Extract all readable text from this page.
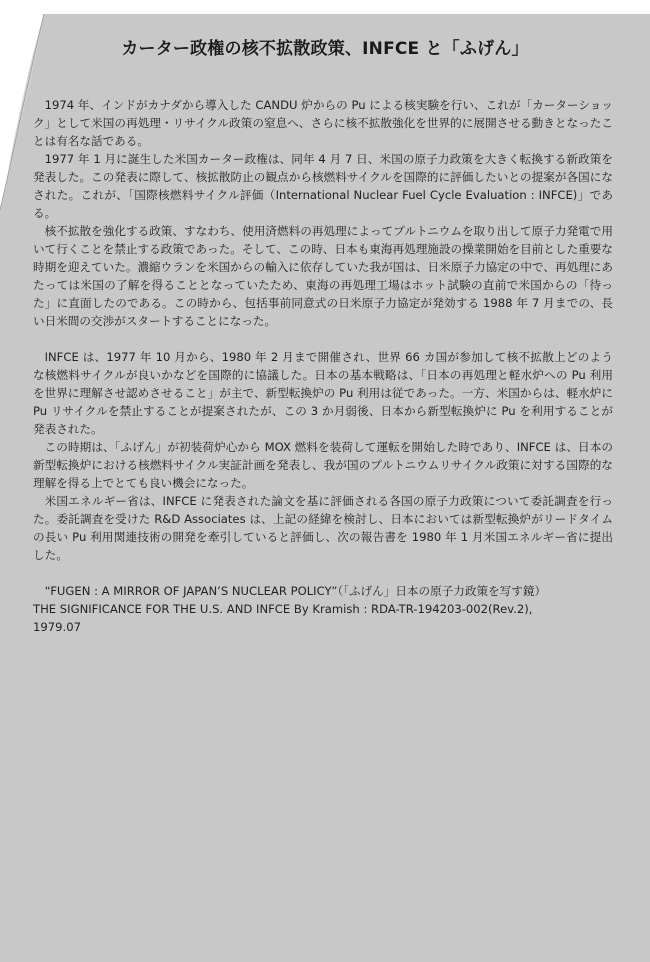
カーター政権の核不拡散政策、INFCE と「ふげん」

1974 年、インドがカナダから導入した CANDU 炉からの Pu による核実験を行い、これが「カーターショック」として米国の再処理・リサイクル政策の窒息へ、さらに核不拡散強化を世界的に展開させる動きとなったことは有名な話である。

1977 年 1 月に誕生した米国カーター政権は、同年 4 月 7 日、米国の原子力政策を大きく転換する新政策を発表した。この発表に際して、核拡散防止の観点から核燃料サイクルを国際的に評価したいとの提案が各国になされた。これが、「国際核燃料サイクル評価（International Nuclear Fuel Cycle Evaluation : INFCE)」である。

核不拡散を強化する政策、すなわち、使用済燃料の再処理によってプルトニウムを取り出して原子力発電で用いて行くことを禁止する政策であった。そして、この時、日本も東海再処理施設の操業開始を目前とした重要な時期を迎えていた。濃縮ウランを米国からの輸入に依存していた我が国は、日米原子力協定の中で、再処理にあたっては米国の了解を得ることとなっていたため、東海の再処理工場はホット試験の直前で米国からの「待った」に直面したのである。この時から、包括事前同意式の日米原子力協定が発効する 1988 年 7 月までの、長い日米間の交渉がスタートすることになった。

INFCE は、1977 年 10 月から、1980 年 2 月まで開催され、世界 66 カ国が参加して核不拡散上どのような核燃料サイクルが良いかなどを国際的に協議した。日本の基本戦略は、「日本の再処理と軽水炉への Pu 利用を世界に理解させ認めさせること」が主で、新型転換炉の Pu 利用は従であった。一方、米国からは、軽水炉に Pu リサイクルを禁止することが提案されたが、この 3 か月弱後、日本から新型転換炉に Pu を利用することが発表された。

この時期は、「ふげん」が初装荷炉心から MOX 燃料を装荷して運転を開始した時であり、INFCE は、日本の新型転換炉における核燃料サイクル実証計画を発表し、我が国のプルトニウムリサイクル政策に対する国際的な理解を得る上でとても良い機会になった。

米国エネルギー省は、INFCE に発表された論文を基に評価される各国の原子力政策について委託調査を行った。委託調査を受けた R&D Associates は、上記の経緯を検討し、日本においては新型転換炉がリードタイムの長い Pu 利用関連技術の開発を牽引していると評価し、次の報告書を 1980 年 1 月米国エネルギー省に提出した。

“FUGEN : A MIRROR OF JAPAN’S NUCLEAR POLICY”（「ふげん」日本の原子力政策を写す鏡）
THE SIGNIFICANCE FOR THE U.S. AND INFCE By Kramish : RDA-TR-194203-002(Rev.2),
1979.07
